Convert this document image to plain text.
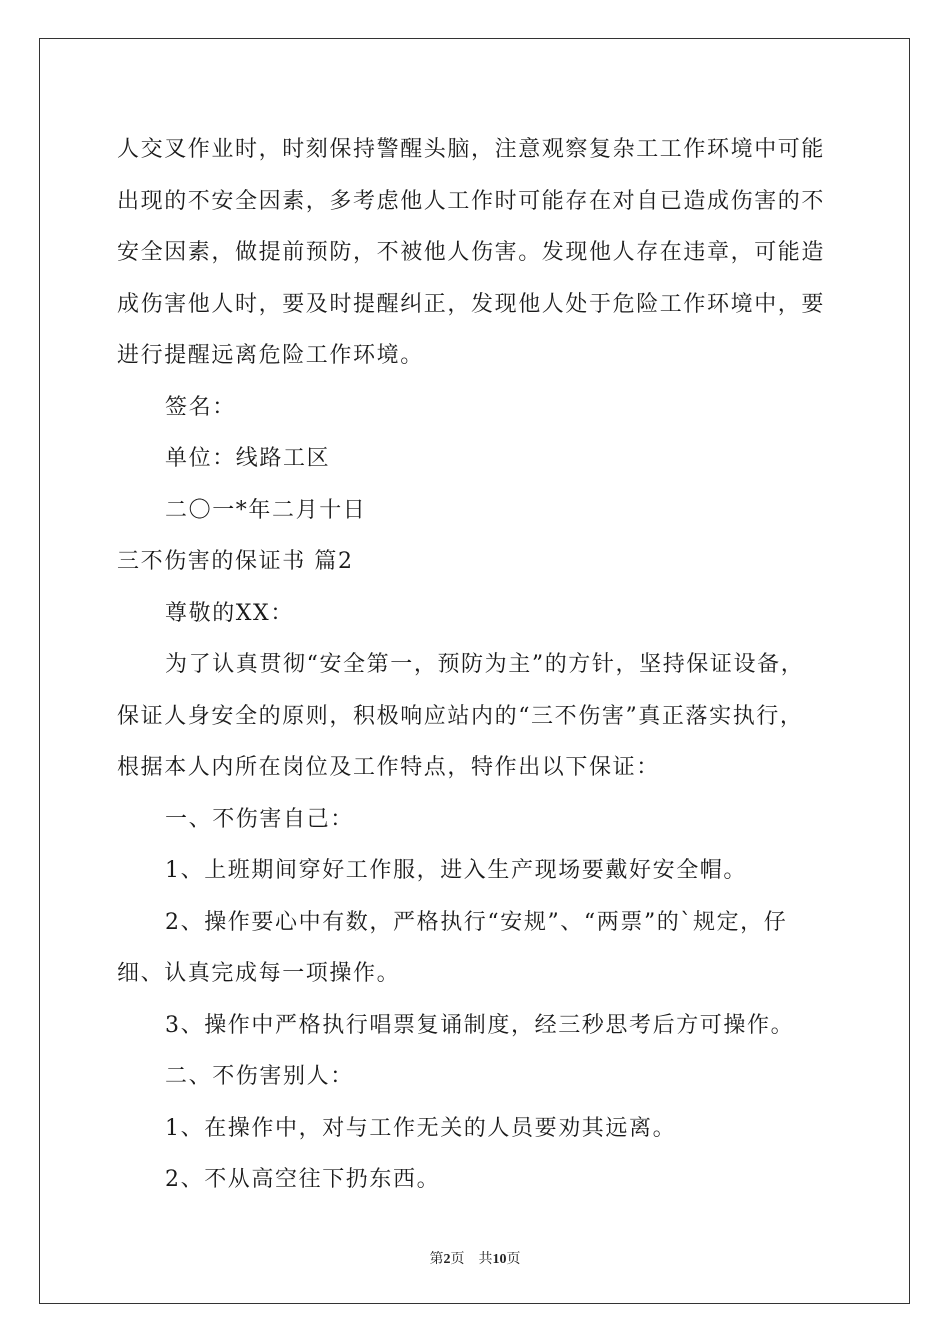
人交叉作业时，时刻保持警醒头脑，注意观察复杂工工作环境中可能
出现的不安全因素，多考虑他人工作时可能存在对自已造成伤害的不
安全因素，做提前预防，不被他人伤害。发现他人存在违章，可能造
成伤害他人时，要及时提醒纠正，发现他人处于危险工作环境中，要
进行提醒远离危险工作环境。
签名：
单位：线路工区
二〇一*年二月十日
三不伤害的保证书 篇2
尊敬的XX：
为了认真贯彻“安全第一，预防为主”的方针，坚持保证设备，
保证人身安全的原则，积极响应站内的“三不伤害”真正落实执行，
根据本人内所在岗位及工作特点，特作出以下保证：
一、不伤害自己：
1、上班期间穿好工作服，进入生产现场要戴好安全帽。
2、操作要心中有数，严格执行“安规”、“两票”的`规定，仔
细、认真完成每一项操作。
3、操作中严格执行唱票复诵制度，经三秒思考后方可操作。
二、不伤害别人：
1、在操作中，对与工作无关的人员要劝其远离。
2、不从高空往下扔东西。
第2页 共10页
